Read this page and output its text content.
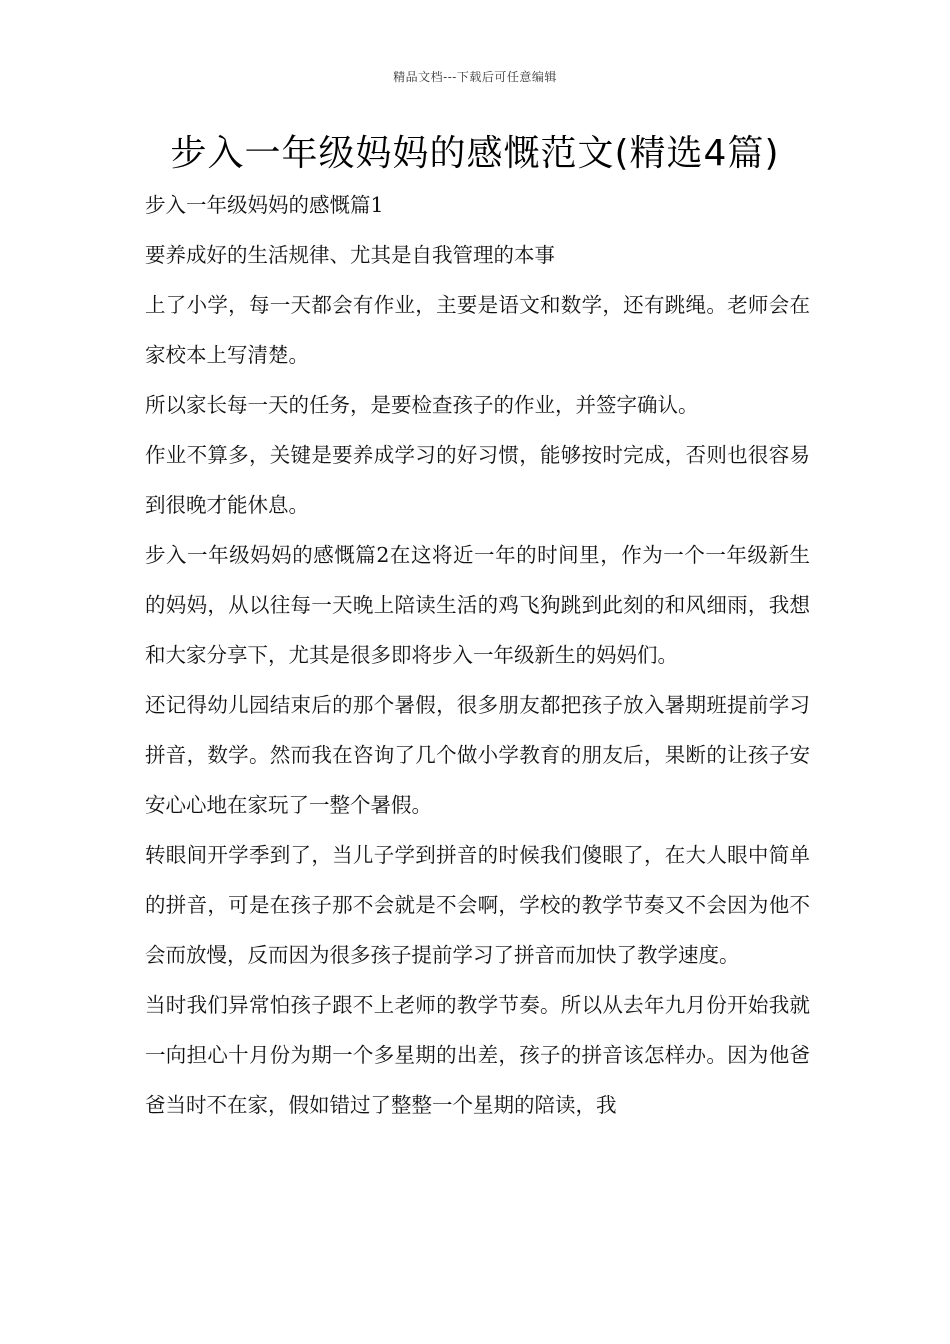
精品文档---下载后可任意编辑
步入一年级妈妈的感慨范文(精选4篇)

步入一年级妈妈的感慨篇1

要养成好的生活规律、尤其是自我管理的本事

上了小学，每一天都会有作业，主要是语文和数学，还有跳绳。老师会在家校本上写清楚。

所以家长每一天的任务，是要检查孩子的作业，并签字确认。

作业不算多，关键是要养成学习的好习惯，能够按时完成，否则也很容易到很晚才能休息。

步入一年级妈妈的感慨篇2在这将近一年的时间里，作为一个一年级新生的妈妈，从以往每一天晚上陪读生活的鸡飞狗跳到此刻的和风细雨，我想和大家分享下，尤其是很多即将步入一年级新生的妈妈们。

还记得幼儿园结束后的那个暑假，很多朋友都把孩子放入暑期班提前学习拼音，数学。然而我在咨询了几个做小学教育的朋友后，果断的让孩子安安心心地在家玩了一整个暑假。

转眼间开学季到了，当儿子学到拼音的时候我们傻眼了，在大人眼中简单的拼音，可是在孩子那不会就是不会啊，学校的教学节奏又不会因为他不会而放慢，反而因为很多孩子提前学习了拼音而加快了教学速度。

当时我们异常怕孩子跟不上老师的教学节奏。所以从去年九月份开始我就一向担心十月份为期一个多星期的出差，孩子的拼音该怎样办。因为他爸爸当时不在家，假如错过了整整一个星期的陪读，我
